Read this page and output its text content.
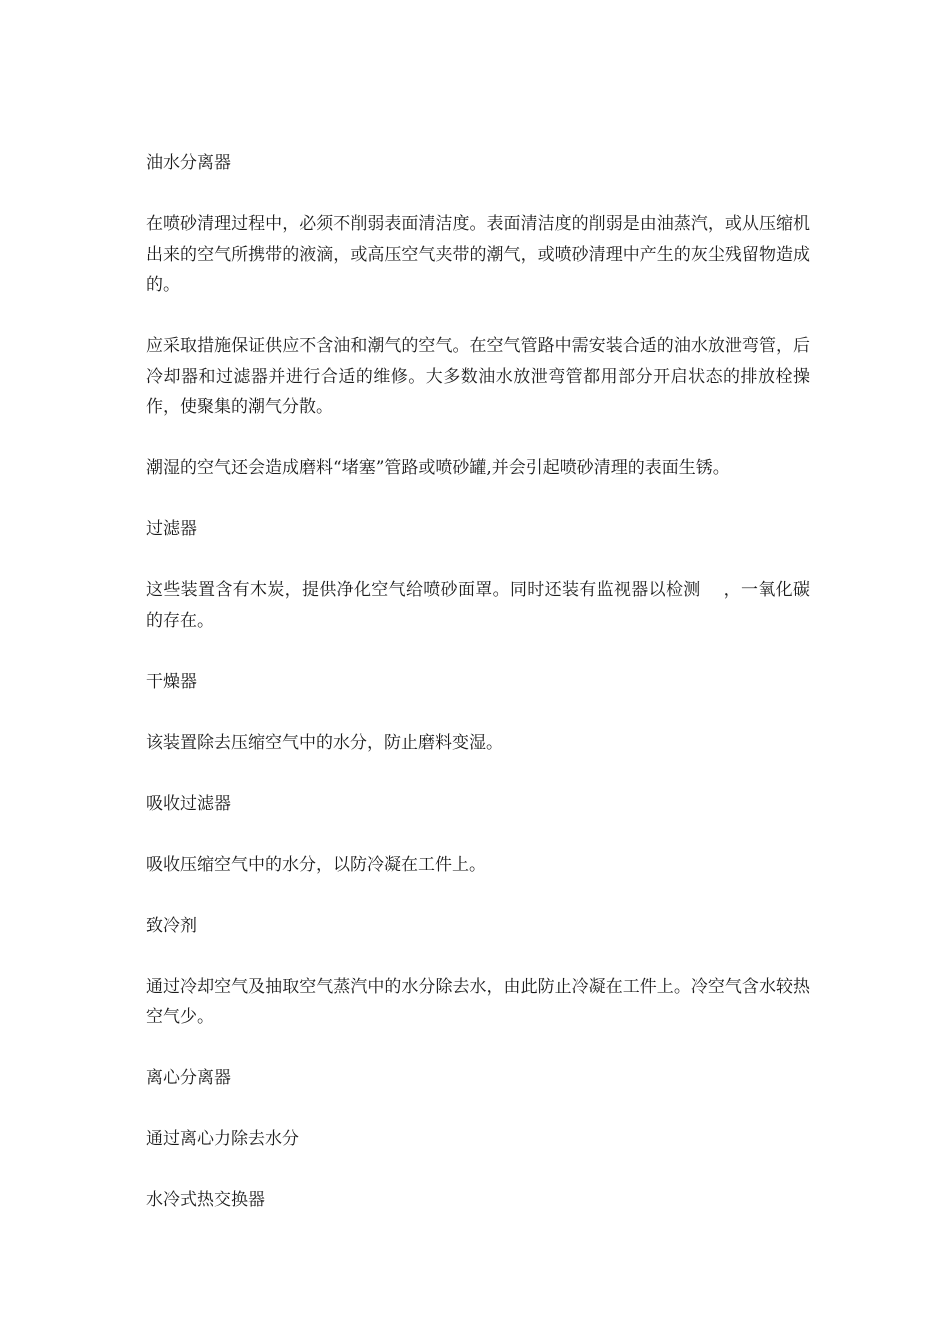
油水分离器

在喷砂清理过程中，必须不削弱表面清洁度。表面清洁度的削弱是由油蒸汽，或从压缩机出来的空气所携带的液滴，或高压空气夹带的潮气，或喷砂清理中产生的灰尘残留物造成的。

应采取措施保证供应不含油和潮气的空气。在空气管路中需安装合适的油水放泄弯管，后冷却器和过滤器并进行合适的维修。大多数油水放泄弯管都用部分开启状态的排放栓操作，使聚集的潮气分散。

潮湿的空气还会造成磨料“堵塞”管路或喷砂罐,并会引起喷砂清理的表面生锈。

过滤器

这些装置含有木炭，提供净化空气给喷砂面罩。同时还装有监视器以检测　 ，一氧化碳的存在。

干燥器

该装置除去压缩空气中的水分，防止磨料变湿。

吸收过滤器

吸收压缩空气中的水分，以防冷凝在工件上。

致冷剂

通过冷却空气及抽取空气蒸汽中的水分除去水，由此防止冷凝在工件上。冷空气含水较热空气少。

离心分离器

通过离心力除去水分

水冷式热交换器
